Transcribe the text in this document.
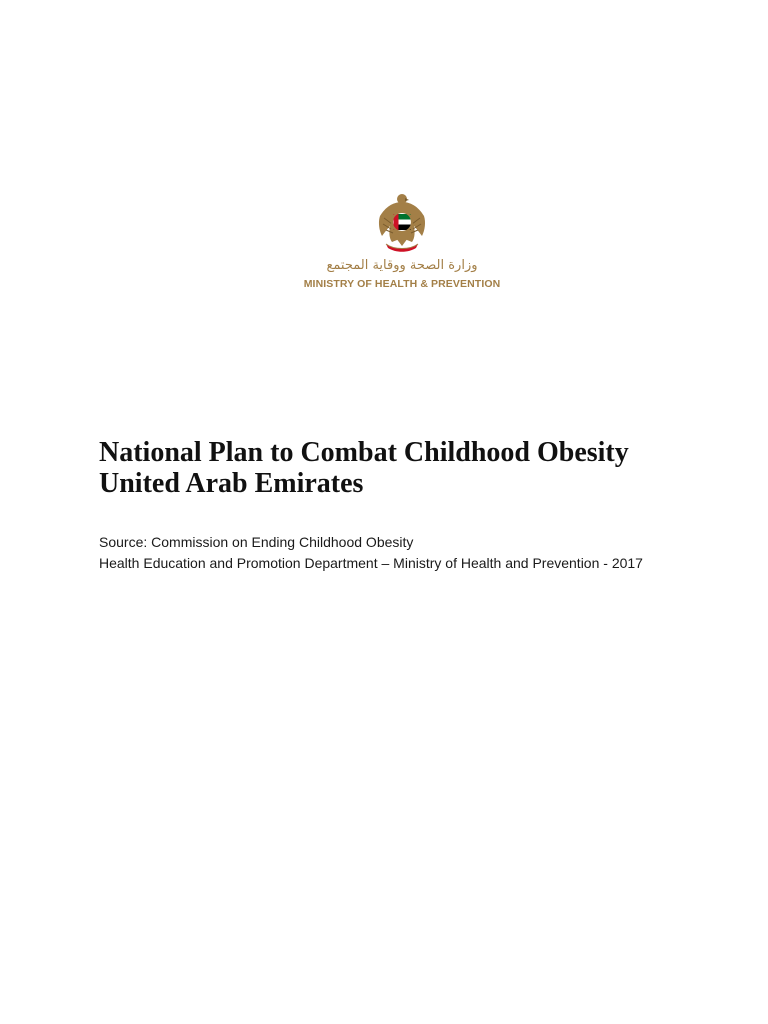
وزارة الصحة ووقاية المجتمع
MINISTRY OF HEALTH & PREVENTION
National Plan to Combat Childhood Obesity
United Arab Emirates
Source: Commission on Ending Childhood Obesity
Health Education and Promotion Department – Ministry of Health and Prevention - 2017
